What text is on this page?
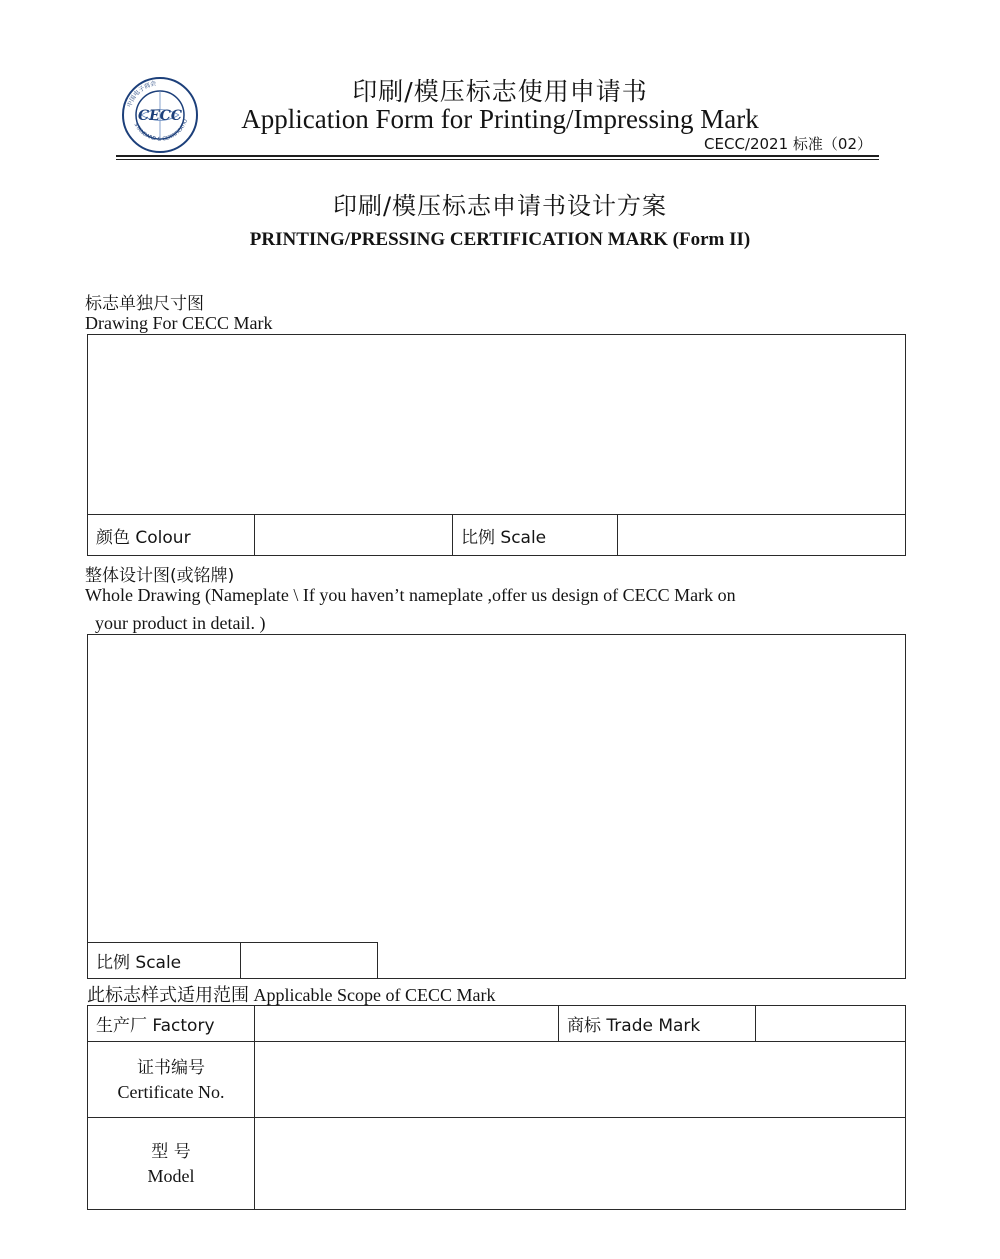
CECC
中国电子商会
STANDARD & CERTIFICATIO
印刷/模压标志使用申请书
Application Form for Printing/Impressing Mark
CECC/2021 标准（02）
印刷/模压标志申请书设计方案
PRINTING/PRESSING CERTIFICATION MARK (Form II)
标志单独尺寸图
Drawing For CECC Mark
颜色 Colour		比例 Scale	
整体设计图(或铭牌)
Whole Drawing (Nameplate \ If you haven’t nameplate ,offer us design of CECC Mark on
your product in detail. )
比例 Scale	
此标志样式适用范围 Applicable Scope of CECC Mark
生产厂 Factory		商标 Trade Mark	

证书编号
Certificate No.			

型 号
Model			
